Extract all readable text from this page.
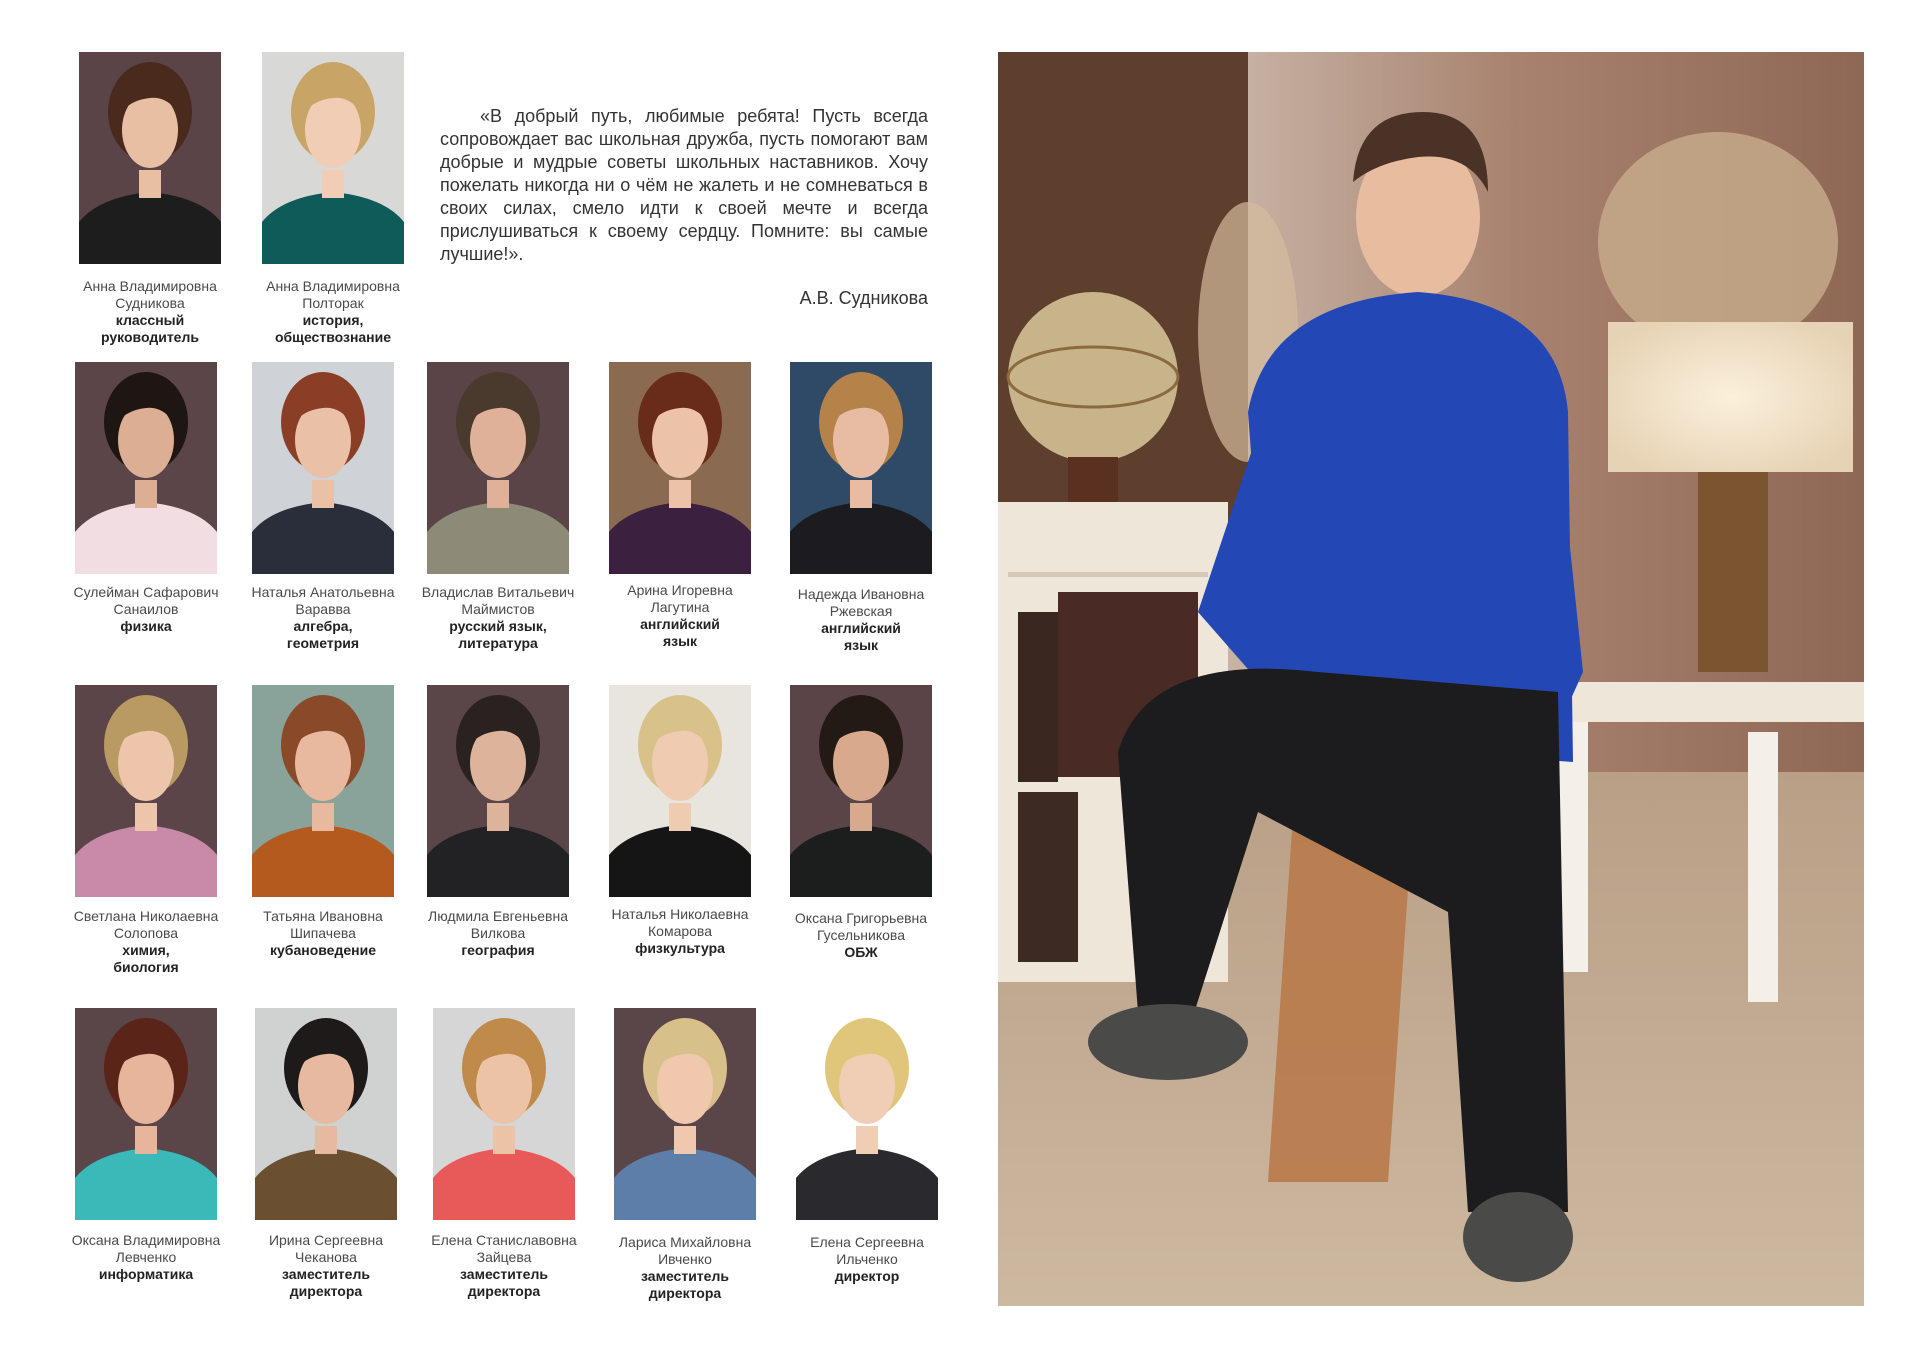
«В добрый путь, любимые ребята! Пусть всегда сопровождает вас школьная дружба, пусть помогают вам добрые и мудрые советы школьных наставников. Хочу пожелать никогда ни о чём не жалеть и не сомневаться в своих силах, смело идти к своей мечте и всегда прислушиваться к своему сердцу. Помните: вы самые лучшие!».
А.В. Судникова
Анна Владимировна
Судникова
классный
руководитель
Анна Владимировна
Полторак
история,
обществознание
Сулейман Сафарович
Санаилов
физика
Наталья Анатольевна
Варавва
алгебра,
геометрия
Владислав Витальевич
Маймистов
русский язык,
литература
Арина Игоревна
Лагутина
английский
язык
Надежда Ивановна
Ржевская
английский
язык
Светлана Николаевна
Солопова
химия,
биология
Татьяна Ивановна
Шипачева
кубановедение
Людмила Евгеньевна
Вилкова
география
Наталья Николаевна
Комарова
физкультура
Оксана Григорьевна
Гусельникова
ОБЖ
Оксана Владимировна
Левченко
информатика
Ирина Сергеевна
Чеканова
заместитель
директора
Елена Станиславовна
Зайцева
заместитель
директора
Лариса Михайловна
Ивченко
заместитель
директора
Елена Сергеевна
Ильченко
директор
